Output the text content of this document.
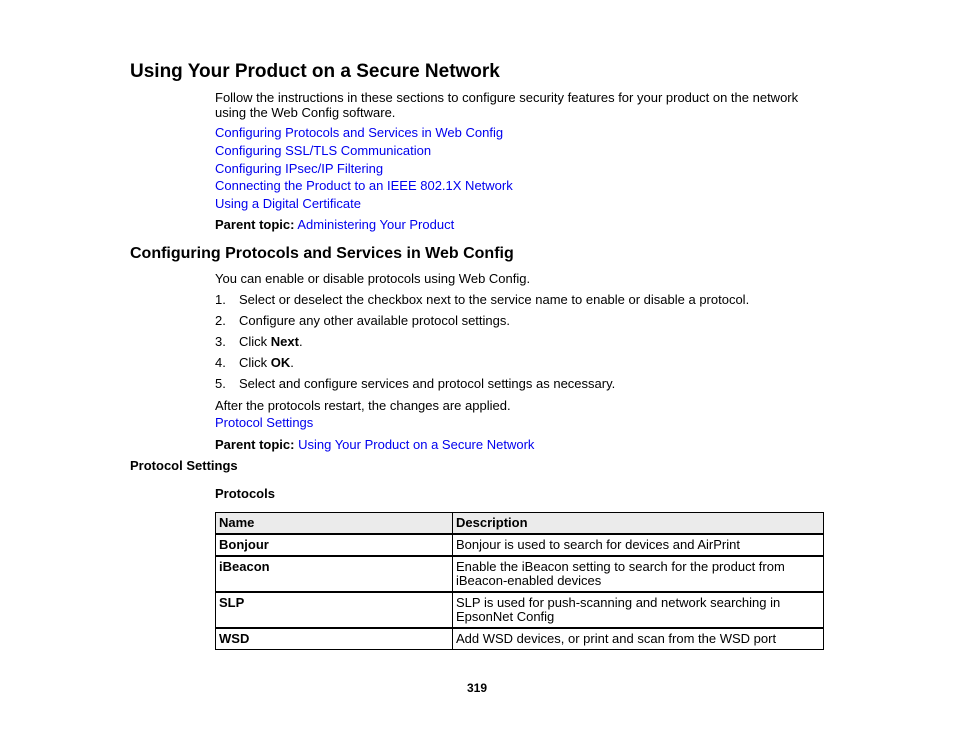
Using Your Product on a Secure Network
Follow the instructions in these sections to configure security features for your product on the network
using the Web Config software.
Configuring Protocols and Services in Web Config
Configuring SSL/TLS Communication
Configuring IPsec/IP Filtering
Connecting the Product to an IEEE 802.1X Network
Using a Digital Certificate
Parent topic: Administering Your Product
Configuring Protocols and Services in Web Config
You can enable or disable protocols using Web Config.
1. Select or deselect the checkbox next to the service name to enable or disable a protocol.
2. Configure any other available protocol settings.
3. Click Next.
4. Click OK.
5. Select and configure services and protocol settings as necessary.
After the protocols restart, the changes are applied.
Protocol Settings
Parent topic: Using Your Product on a Secure Network
Protocol Settings
Protocols
Name	Description
Bonjour	Bonjour is used to search for devices and AirPrint

iBeacon	Enable the iBeacon setting to search for the product from
iBeacon-enabled devices

SLP	SLP is used for push-scanning and network searching in
EpsonNet Config

WSD	Add WSD devices, or print and scan from the WSD port
319
